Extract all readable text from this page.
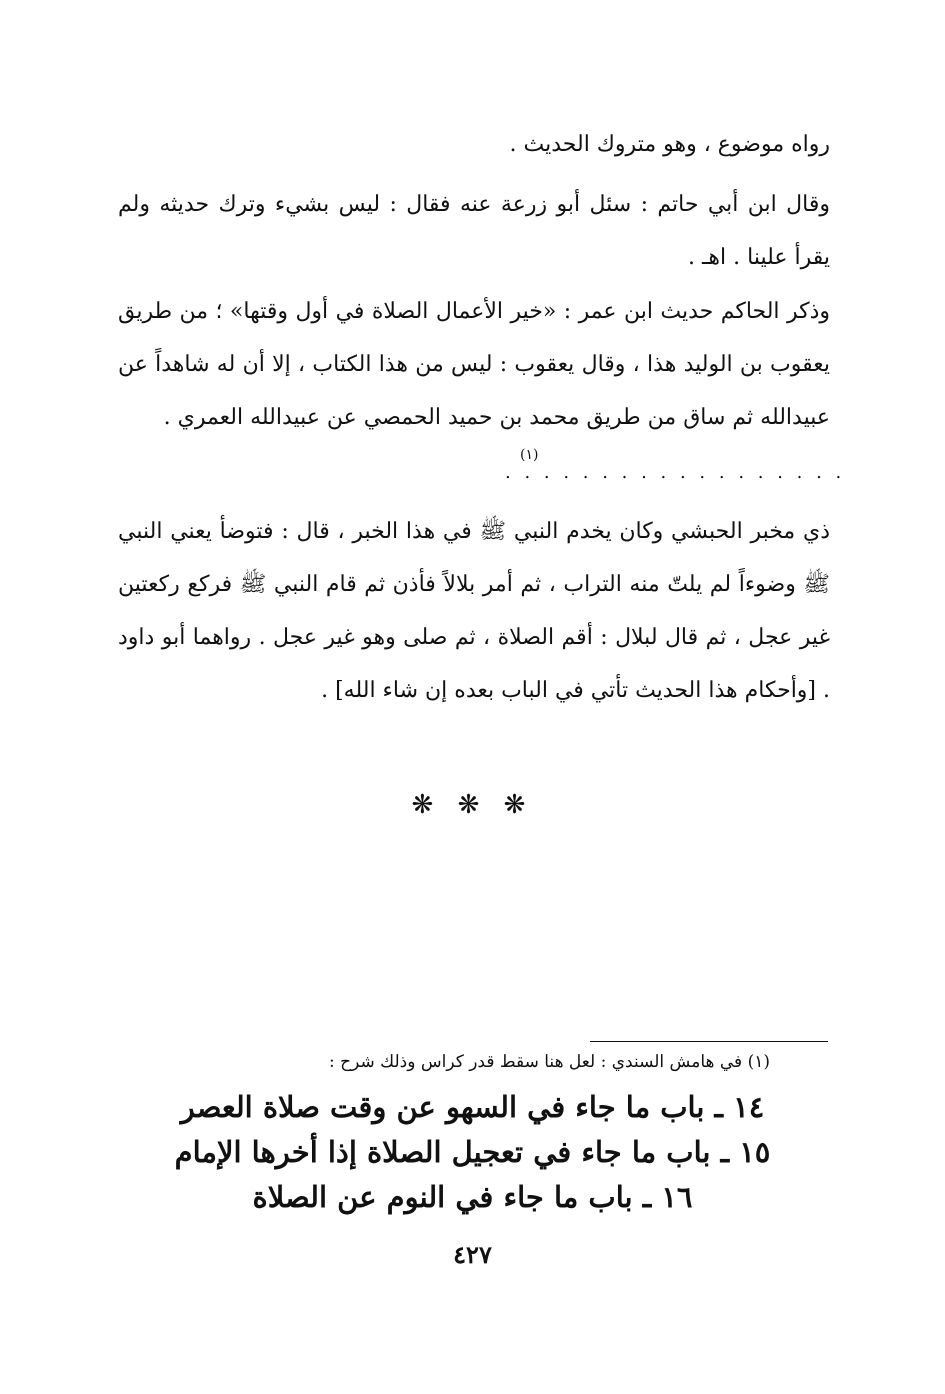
رواه موضوع ، وهو متروك الحديث .

وقال ابن أبي حاتم : سئل أبو زرعة عنه فقال : ليس بشيء وترك حديثه ولم يقرأ علينا . اهـ .

وذكر الحاكم حديث ابن عمر : «خير الأعمال الصلاة في أول وقتها» ؛ من طريق يعقوب بن الوليد هذا ، وقال يعقوب : ليس من هذا الكتاب ، إلا أن له شاهداً عن عبيدالله ثم ساق من طريق محمد بن حميد الحمصي عن عبيدالله العمري .

(١)
. . . . . . . . . . . . . . . . . .

ذي مخبر الحبشي وكان يخدم النبي ﷺ في هذا الخبر ، قال : فتوضأ يعني النبي ﷺ وضوءاً لم يلتّ منه التراب ، ثم أمر بلالاً فأذن ثم قام النبي ﷺ فركع ركعتين غير عجل ، ثم قال لبلال : أقم الصلاة ، ثم صلى وهو غير عجل . رواهما أبو داود . [وأحكام هذا الحديث تأتي في الباب بعده إن شاء الله] .

❋ ❋ ❋
(١) في هامش السندي : لعل هنا سقط قدر كراس وذلك شرح :
١٤ ـ باب ما جاء في السهو عن وقت صلاة العصر
١٥ ـ باب ما جاء في تعجيل الصلاة إذا أخرها الإمام
١٦ ـ باب ما جاء في النوم عن الصلاة
٤٢٧
